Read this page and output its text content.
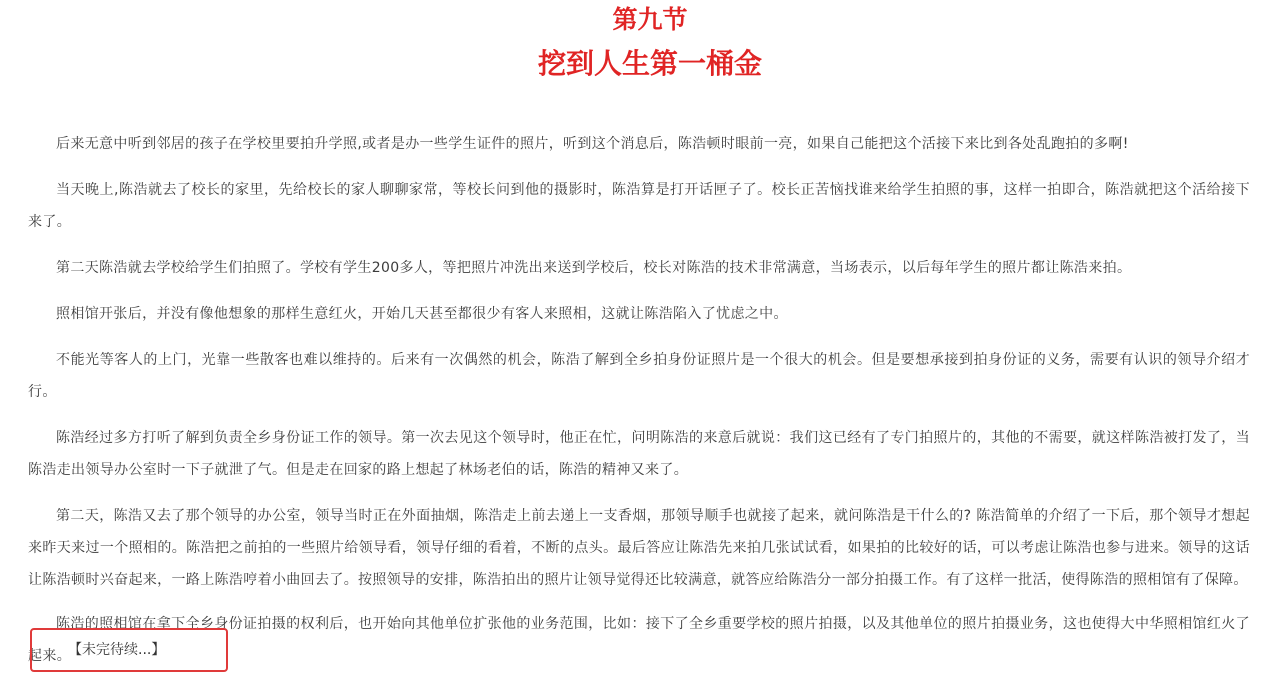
第九节
挖到人生第一桶金

后来无意中听到邻居的孩子在学校里要拍升学照,或者是办一些学生证件的照片，听到这个消息后，陈浩顿时眼前一亮，如果自己能把这个活接下来比到各处乱跑拍的多啊!

当天晚上,陈浩就去了校长的家里，先给校长的家人聊聊家常，等校长问到他的摄影时，陈浩算是打开话匣子了。校长正苦恼找谁来给学生拍照的事，这样一拍即合，陈浩就把这个活给接下来了。

第二天陈浩就去学校给学生们拍照了。学校有学生200多人，等把照片冲洗出来送到学校后，校长对陈浩的技术非常满意，当场表示，以后每年学生的照片都让陈浩来拍。

照相馆开张后，并没有像他想象的那样生意红火，开始几天甚至都很少有客人来照相，这就让陈浩陷入了忧虑之中。

不能光等客人的上门，光靠一些散客也难以维持的。后来有一次偶然的机会，陈浩了解到全乡拍身份证照片是一个很大的机会。但是要想承接到拍身份证的义务，需要有认识的领导介绍才行。

陈浩经过多方打听了解到负责全乡身份证工作的领导。第一次去见这个领导时，他正在忙，问明陈浩的来意后就说：我们这已经有了专门拍照片的，其他的不需要，就这样陈浩被打发了，当陈浩走出领导办公室时一下子就泄了气。但是走在回家的路上想起了林场老伯的话，陈浩的精神又来了。

第二天，陈浩又去了那个领导的办公室，领导当时正在外面抽烟，陈浩走上前去递上一支香烟，那领导顺手也就接了起来，就问陈浩是干什么的? 陈浩简单的介绍了一下后，那个领导才想起来昨天来过一个照相的。陈浩把之前拍的一些照片给领导看，领导仔细的看着，不断的点头。最后答应让陈浩先来拍几张试试看，如果拍的比较好的话，可以考虑让陈浩也参与进来。领导的这话让陈浩顿时兴奋起来，一路上陈浩哼着小曲回去了。按照领导的安排，陈浩拍出的照片让领导觉得还比较满意，就答应给陈浩分一部分拍摄工作。有了这样一批活，使得陈浩的照相馆有了保障。

陈浩的照相馆在拿下全乡身份证拍摄的权利后，也开始向其他单位扩张他的业务范围，比如：接下了全乡重要学校的照片拍摄，以及其他单位的照片拍摄业务，这也使得大中华照相馆红火了起来。

【未完待续...】
